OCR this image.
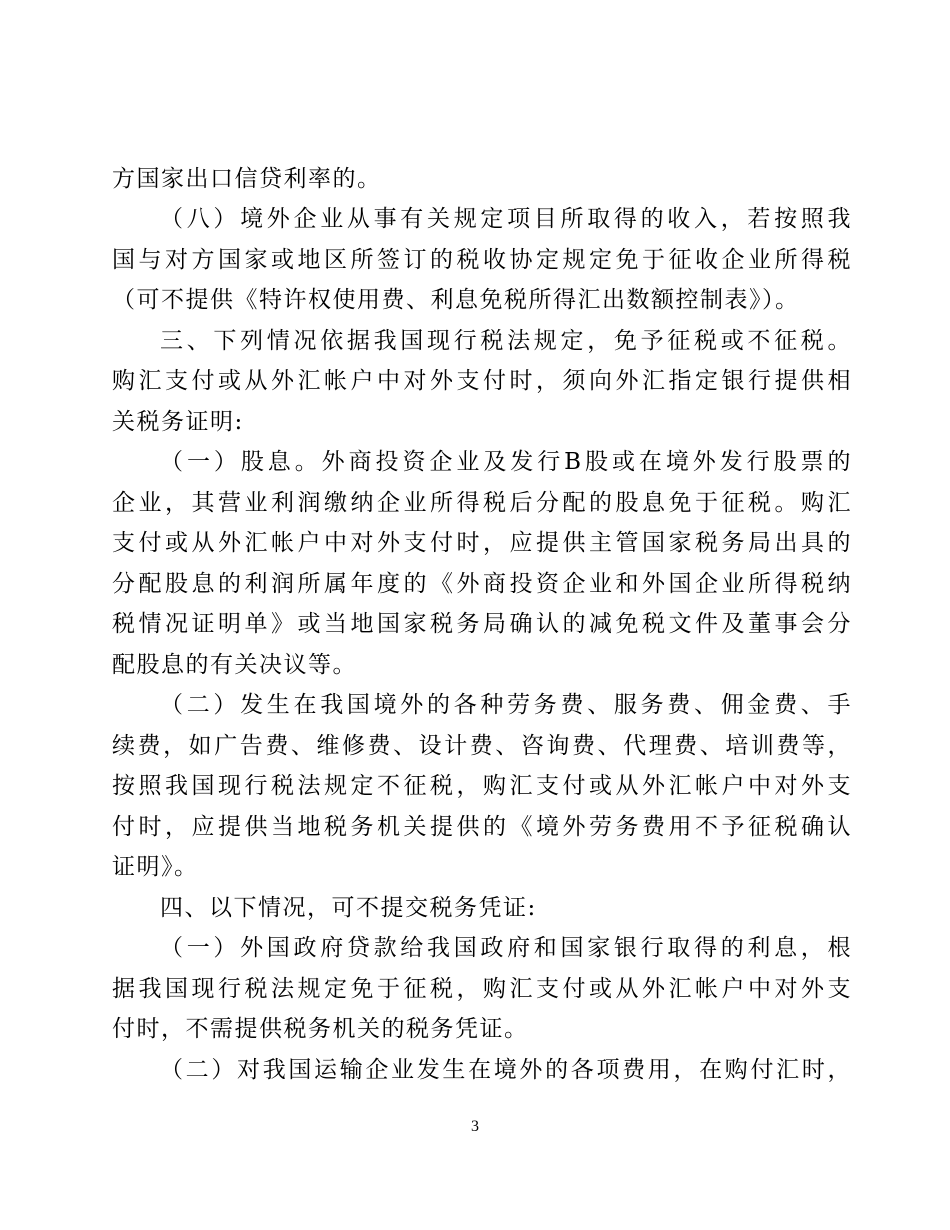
方国家出口信贷利率的。
（八）境外企业从事有关规定项目所取得的收入，若按照我
国与对方国家或地区所签订的税收协定规定免于征收企业所得税
（可不提供《特许权使用费、利息免税所得汇出数额控制表》）。
三、下列情况依据我国现行税法规定，免予征税或不征税。
购汇支付或从外汇帐户中对外支付时，须向外汇指定银行提供相
关税务证明:
（一）股息。外商投资企业及发行B股或在境外发行股票的
企业，其营业利润缴纳企业所得税后分配的股息免于征税。购汇
支付或从外汇帐户中对外支付时，应提供主管国家税务局出具的
分配股息的利润所属年度的《外商投资企业和外国企业所得税纳
税情况证明单》或当地国家税务局确认的减免税文件及董事会分
配股息的有关决议等。
（二）发生在我国境外的各种劳务费、服务费、佣金费、手
续费，如广告费、维修费、设计费、咨询费、代理费、培训费等，
按照我国现行税法规定不征税，购汇支付或从外汇帐户中对外支
付时，应提供当地税务机关提供的《境外劳务费用不予征税确认
证明》。
四、以下情况，可不提交税务凭证:
（一）外国政府贷款给我国政府和国家银行取得的利息，根
据我国现行税法规定免于征税，购汇支付或从外汇帐户中对外支
付时，不需提供税务机关的税务凭证。
（二）对我国运输企业发生在境外的各项费用，在购付汇时，
3
